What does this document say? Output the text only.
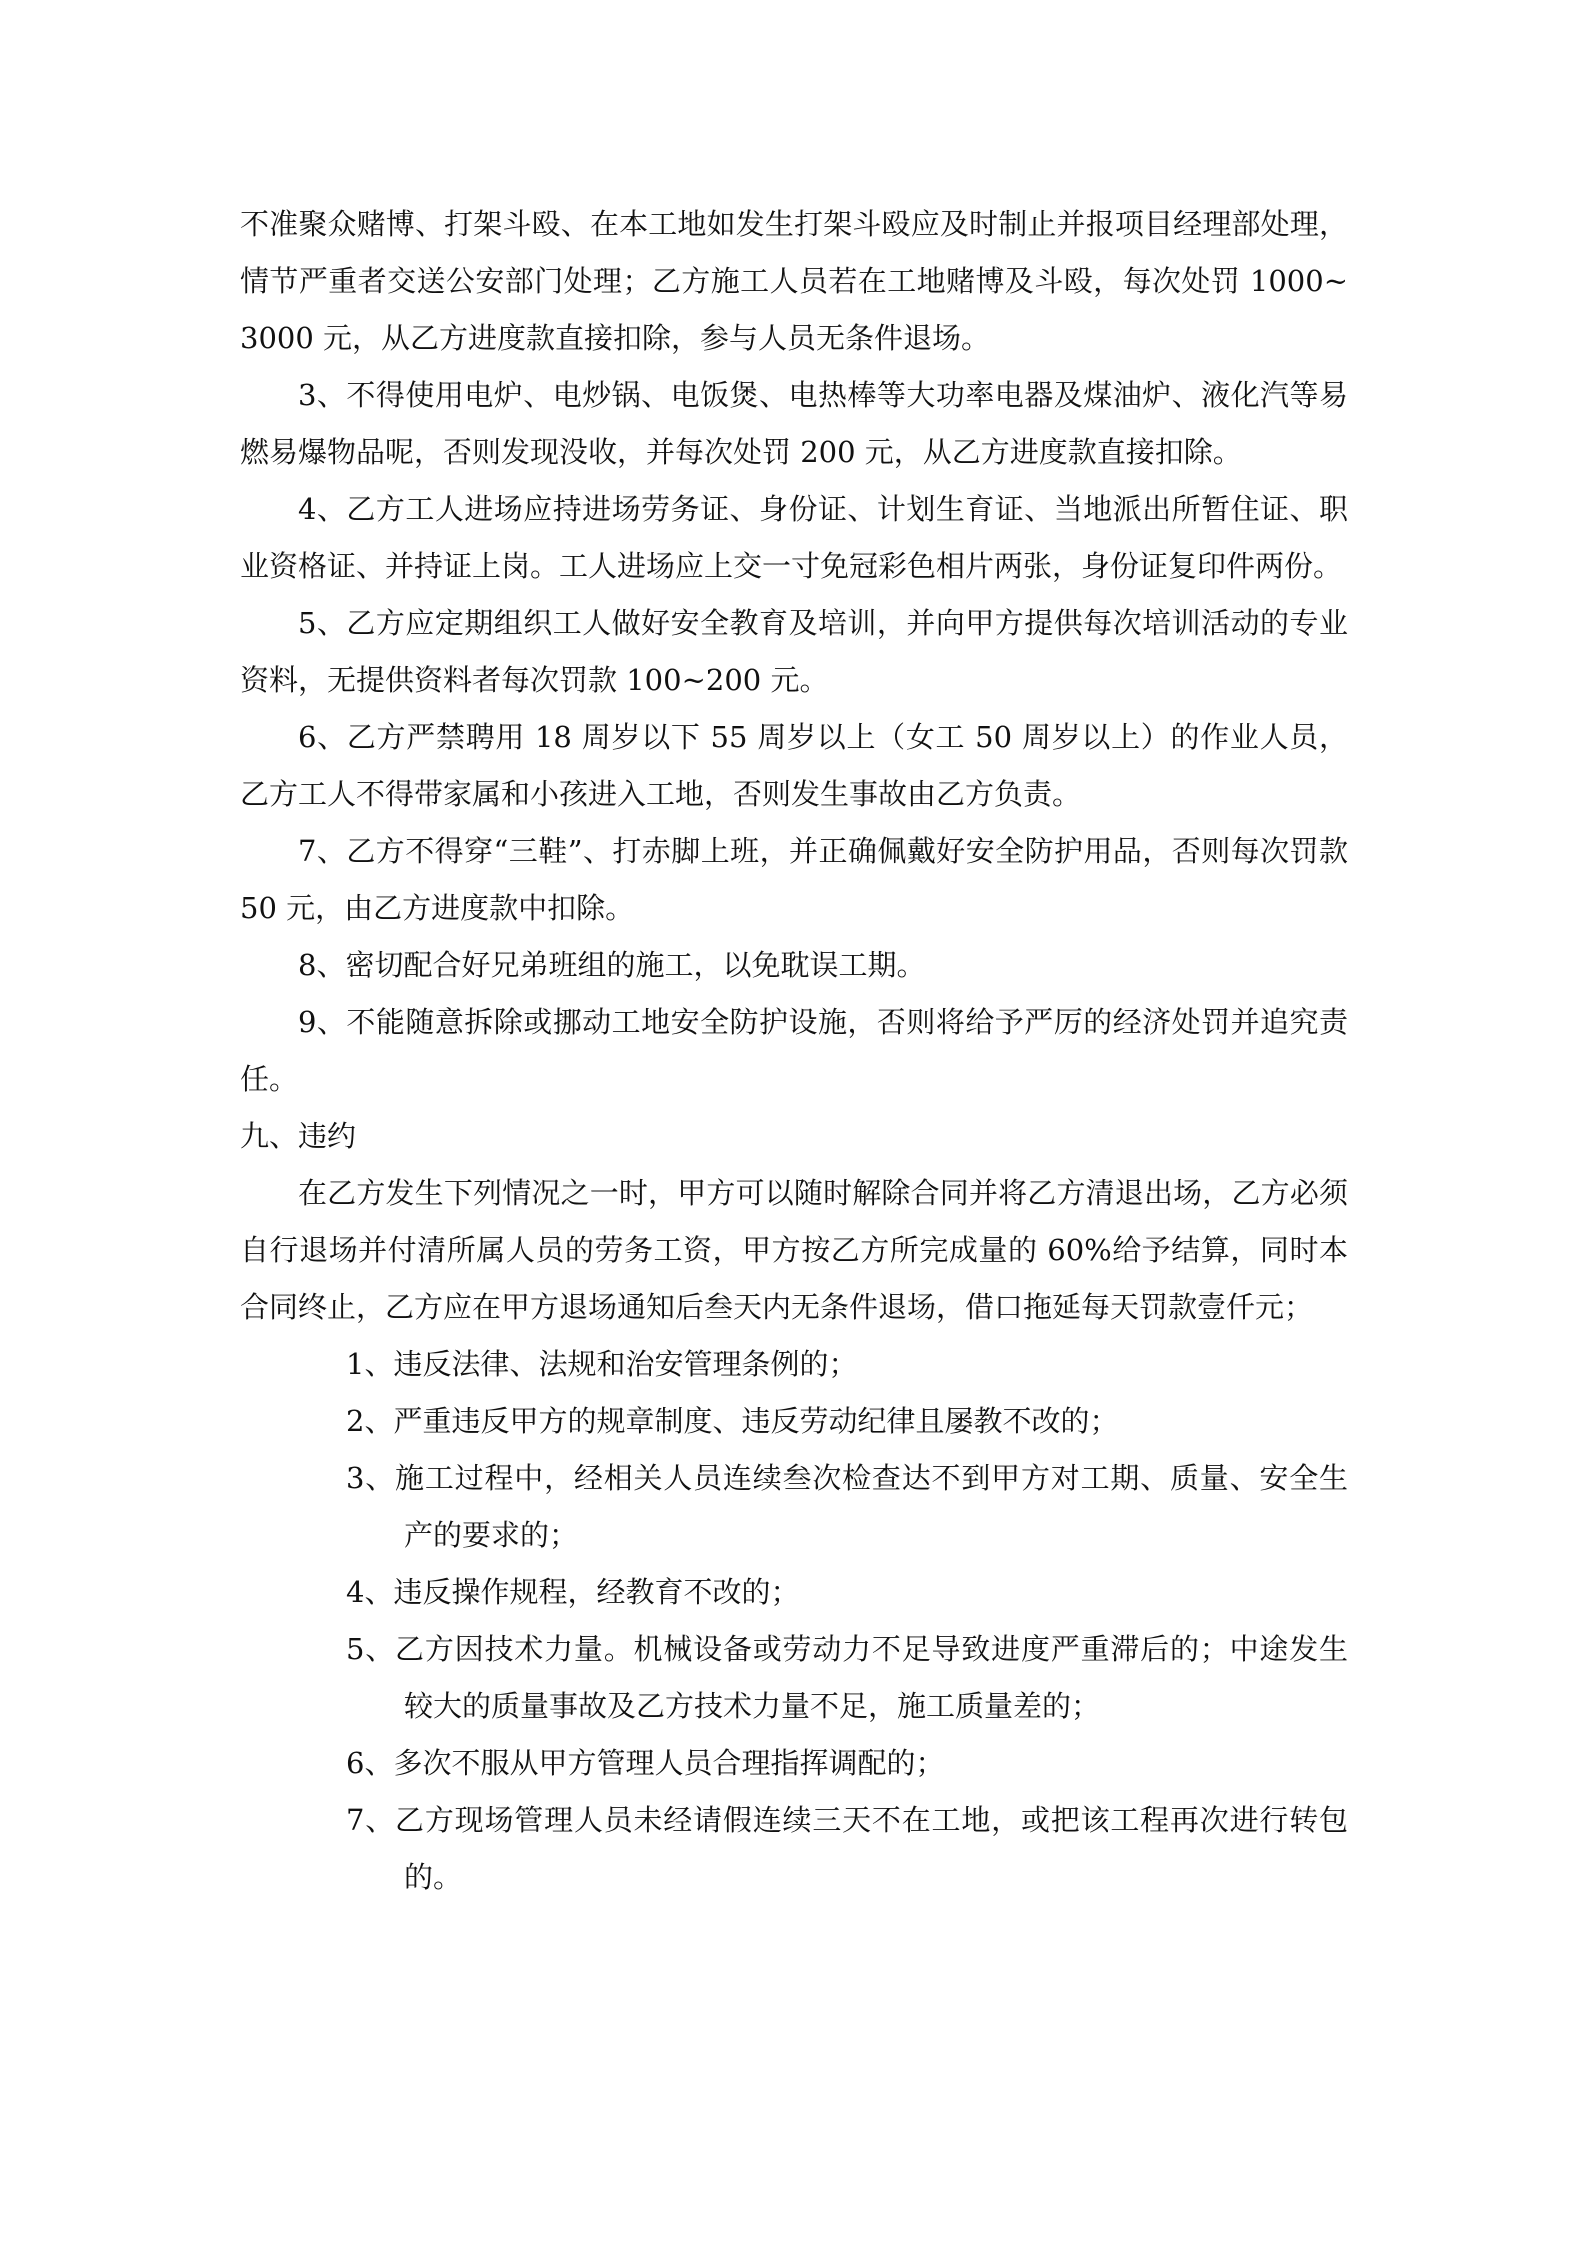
不准聚众赌博、打架斗殴、在本工地如发生打架斗殴应及时制止并报项目经理部处理，情节严重者交送公安部门处理；乙方施工人员若在工地赌博及斗殴，每次处罚 1000~3000 元，从乙方进度款直接扣除，参与人员无条件退场。

3、不得使用电炉、电炒锅、电饭煲、电热棒等大功率电器及煤油炉、液化汽等易燃易爆物品呢，否则发现没收，并每次处罚 200 元，从乙方进度款直接扣除。

4、乙方工人进场应持进场劳务证、身份证、计划生育证、当地派出所暂住证、职业资格证、并持证上岗。工人进场应上交一寸免冠彩色相片两张，身份证复印件两份。

5、乙方应定期组织工人做好安全教育及培训，并向甲方提供每次培训活动的专业资料，无提供资料者每次罚款 100~200 元。

6、乙方严禁聘用 18 周岁以下 55 周岁以上（女工 50 周岁以上）的作业人员，乙方工人不得带家属和小孩进入工地，否则发生事故由乙方负责。

7、乙方不得穿“三鞋”、打赤脚上班，并正确佩戴好安全防护用品，否则每次罚款 50 元，由乙方进度款中扣除。

8、密切配合好兄弟班组的施工，以免耽误工期。

9、不能随意拆除或挪动工地安全防护设施，否则将给予严厉的经济处罚并追究责任。

九、违约

在乙方发生下列情况之一时，甲方可以随时解除合同并将乙方清退出场，乙方必须自行退场并付清所属人员的劳务工资，甲方按乙方所完成量的 60%给予结算，同时本合同终止，乙方应在甲方退场通知后叁天内无条件退场，借口拖延每天罚款壹仟元；

1、违反法律、法规和治安管理条例的；
2、严重违反甲方的规章制度、违反劳动纪律且屡教不改的；
3、施工过程中，经相关人员连续叁次检查达不到甲方对工期、质量、安全生产的要求的；
4、违反操作规程，经教育不改的；
5、乙方因技术力量。机械设备或劳动力不足导致进度严重滞后的；中途发生较大的质量事故及乙方技术力量不足，施工质量差的；
6、多次不服从甲方管理人员合理指挥调配的；
7、乙方现场管理人员未经请假连续三天不在工地，或把该工程再次进行转包的。
